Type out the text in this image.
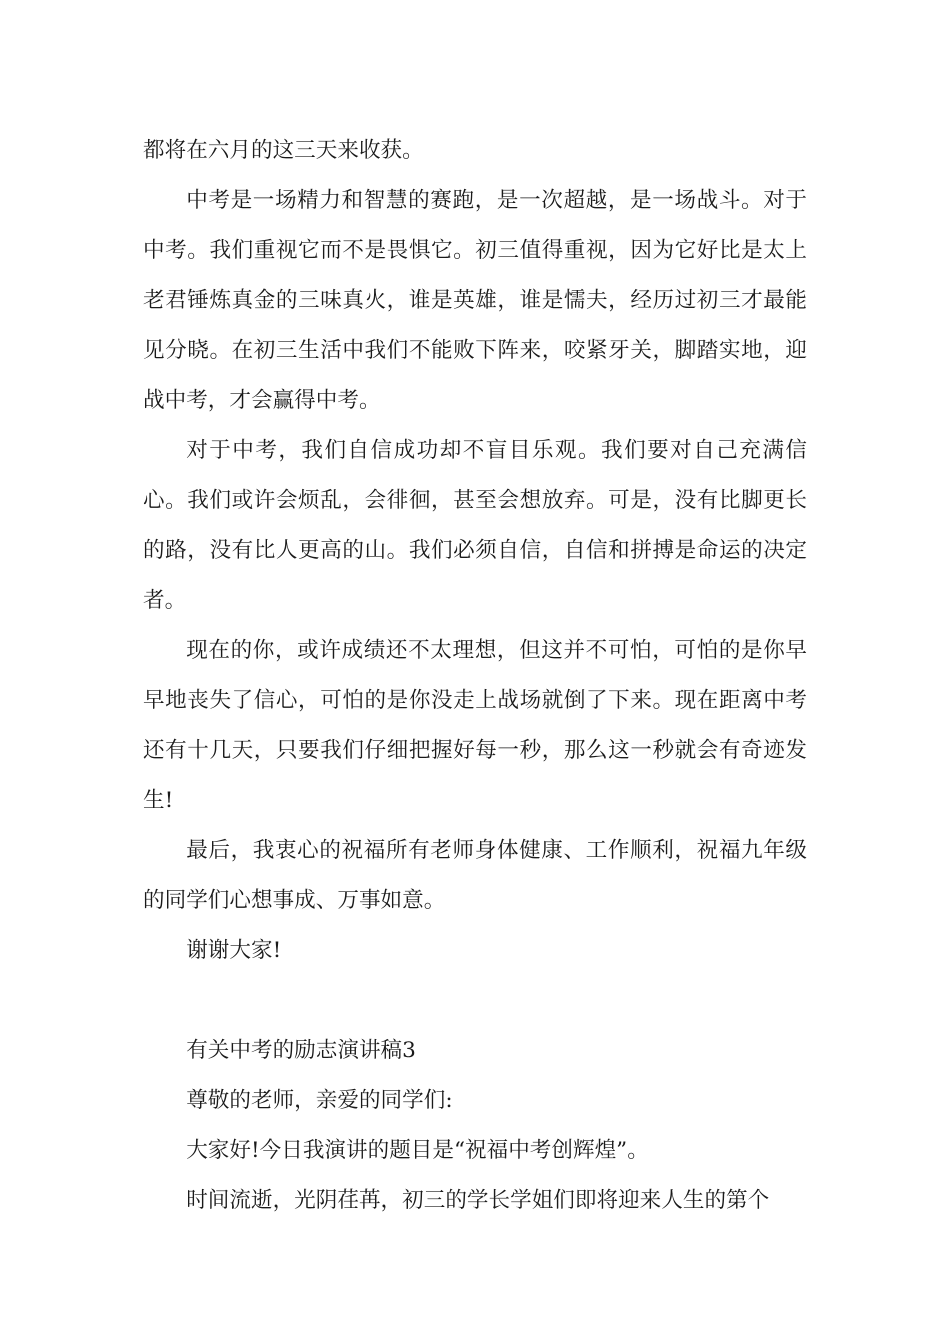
都将在六月的这三天来收获。

中考是一场精力和智慧的赛跑，是一次超越，是一场战斗。对于中考。我们重视它而不是畏惧它。初三值得重视，因为它好比是太上老君锤炼真金的三味真火，谁是英雄，谁是懦夫，经历过初三才最能见分晓。在初三生活中我们不能败下阵来，咬紧牙关，脚踏实地，迎战中考，才会赢得中考。

对于中考，我们自信成功却不盲目乐观。我们要对自己充满信心。我们或许会烦乱，会徘徊，甚至会想放弃。可是，没有比脚更长的路，没有比人更高的山。我们必须自信，自信和拼搏是命运的决定者。

现在的你，或许成绩还不太理想，但这并不可怕，可怕的是你早早地丧失了信心，可怕的是你没走上战场就倒了下来。现在距离中考还有十几天，只要我们仔细把握好每一秒，那么这一秒就会有奇迹发生!

最后，我衷心的祝福所有老师身体健康、工作顺利，祝福九年级的同学们心想事成、万事如意。

谢谢大家!

有关中考的励志演讲稿3

尊敬的老师，亲爱的同学们:

大家好!今日我演讲的题目是“祝福中考创辉煌”。

时间流逝，光阴荏苒，初三的学长学姐们即将迎来人生的第个
